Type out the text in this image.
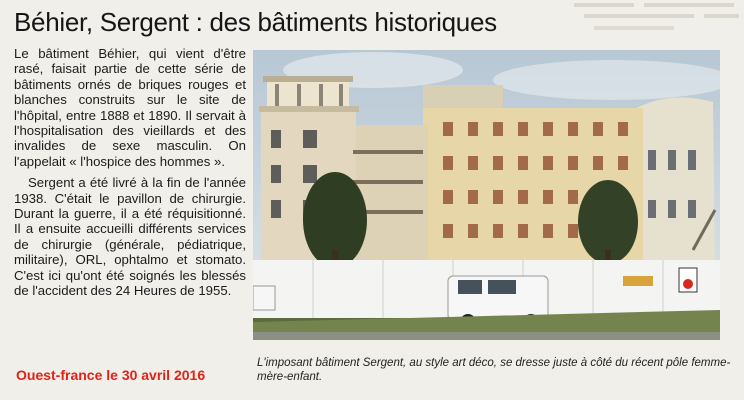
Béhier, Sergent : des bâtiments historiques

Le bâtiment Béhier, qui vient d'être rasé, faisait partie de cette série de bâtiments ornés de briques rouges et blanches construits sur le site de l'hôpital, entre 1888 et 1890. Il servait à l'hospitalisation des vieillards et des invalides de sexe masculin. On l'appelait « l'hospice des hommes ».

Sergent a été livré à la fin de l'année 1938. C'était le pavillon de chirurgie. Durant la guerre, il a été réquisitionné. Il a ensuite accueilli différents services de chirurgie (générale, pédiatrique, militaire), ORL, ophtalmo et stomato. C'est ici qu'ont été soignés les blessés de l'accident des 24 Heures de 1955.

L'imposant bâtiment Sergent, au style art déco, se dresse juste à côté du récent pôle femme-mère-enfant.
Ouest-france le 30 avril 2016
